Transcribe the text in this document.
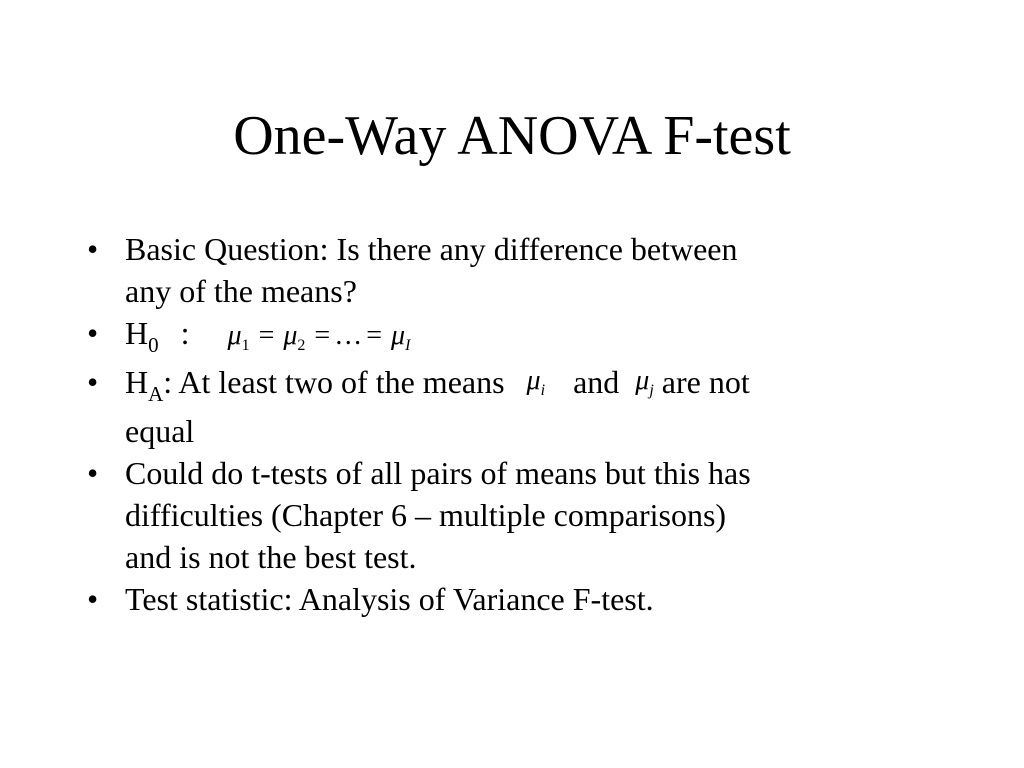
One-Way ANOVA F-test
• Basic Question: Is there any difference between
any of the means?
• $H_0$ : $\mu_1 = \mu_2$ = … = $\mu_I$
• $H_A$: At least two of the means $\mu_i$ and $\mu_j$ are not
equal
• Could do t-tests of all pairs of means but this has
difficulties (Chapter 6 – multiple comparisons)
and is not the best test.
• Test statistic: Analysis of Variance F-test.
